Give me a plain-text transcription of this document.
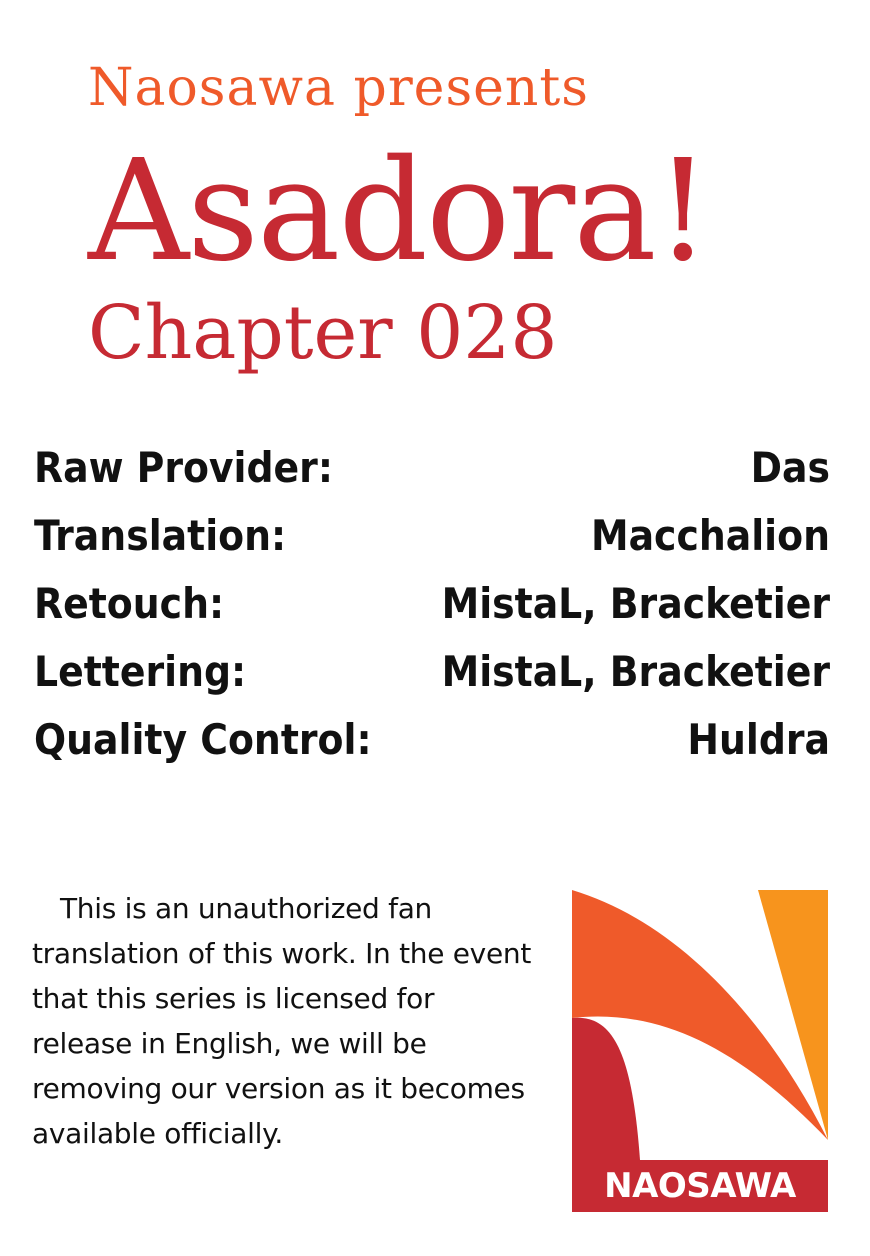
Naosawa presents
Asadora!
Chapter 028
Raw Provider:	Das
Translation:	Macchalion
Retouch:	MistaL, Bracketier
Lettering:	MistaL, Bracketier
Quality Control:	Huldra
This is an unauthorized fan translation of this work. In the event that this series is licensed for release in English, we will be removing our version as it becomes available officially.
NAOSAWA
